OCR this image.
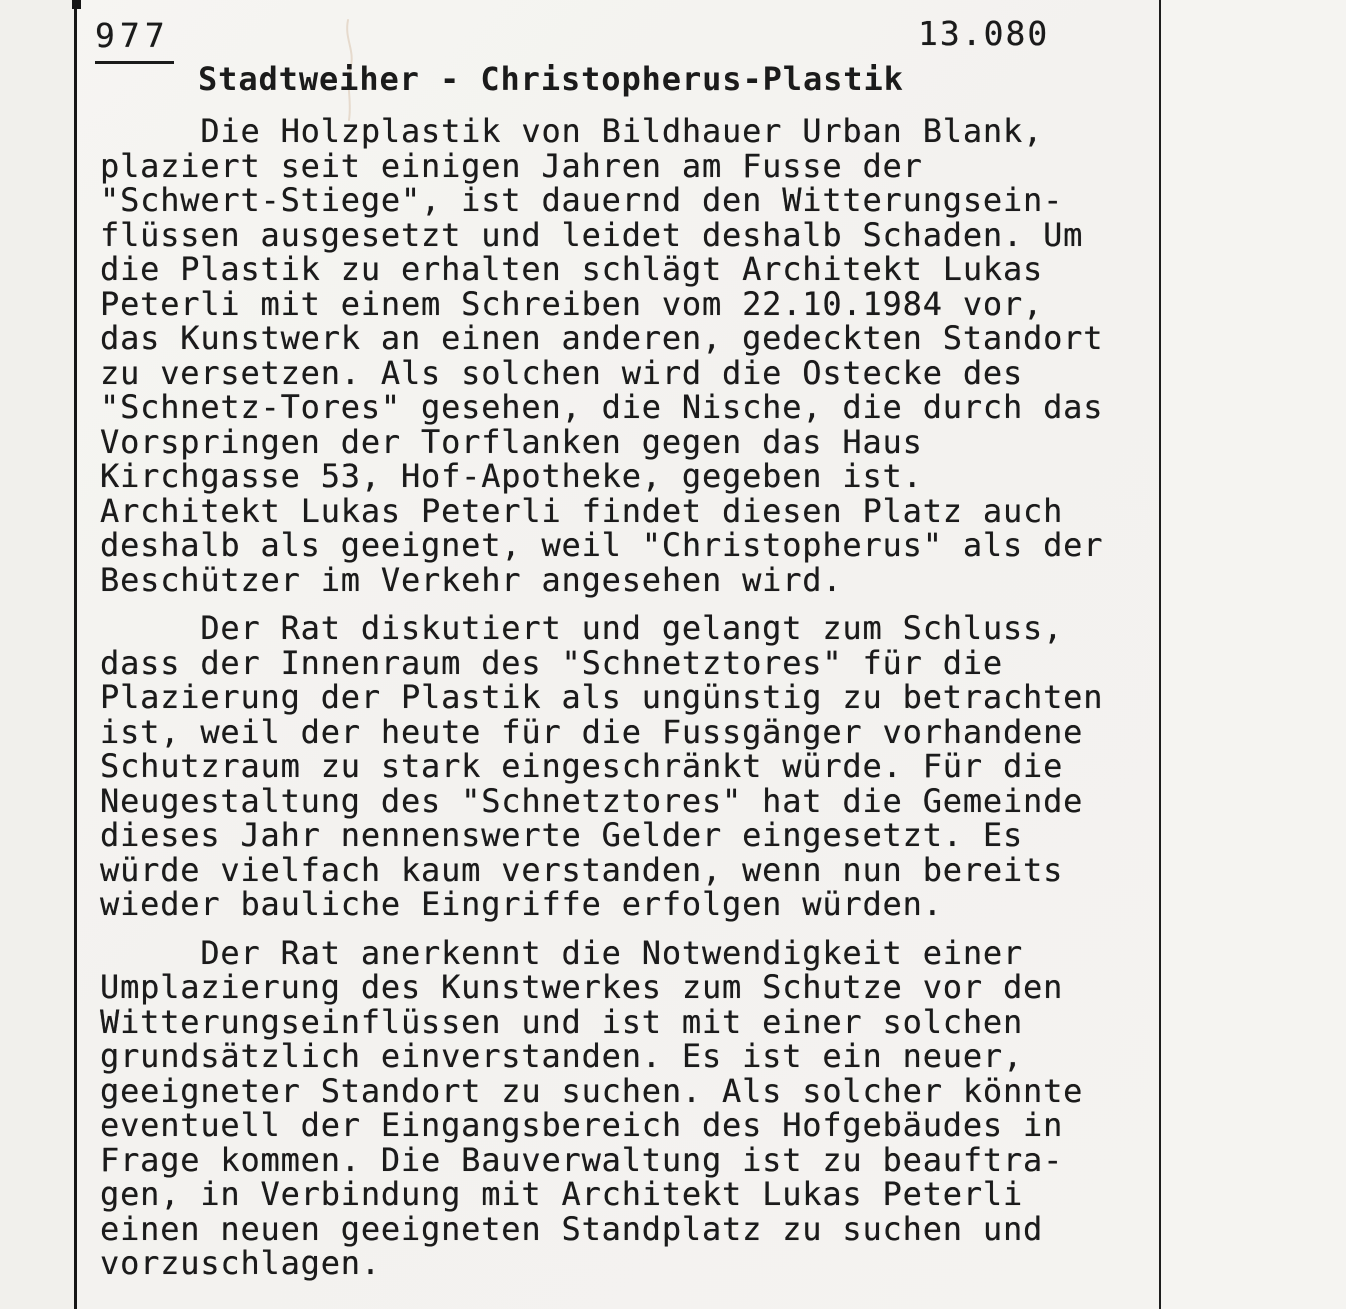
977	13.080
Stadtweiher - Christopherus-Plastik
Die Holzplastik von Bildhauer Urban Blank,
plaziert seit einigen Jahren am Fusse der
"Schwert-Stiege", ist dauernd den Witterungsein-
flüssen ausgesetzt und leidet deshalb Schaden. Um
die Plastik zu erhalten schlägt Architekt Lukas
Peterli mit einem Schreiben vom 22.10.1984 vor,
das Kunstwerk an einen anderen, gedeckten Standort
zu versetzen. Als solchen wird die Ostecke des
"Schnetz-Tores" gesehen, die Nische, die durch das
Vorspringen der Torflanken gegen das Haus
Kirchgasse 53, Hof-Apotheke, gegeben ist.
Architekt Lukas Peterli findet diesen Platz auch
deshalb als geeignet, weil "Christopherus" als der
Beschützer im Verkehr angesehen wird.
Der Rat diskutiert und gelangt zum Schluss,
dass der Innenraum des "Schnetztores" für die
Plazierung der Plastik als ungünstig zu betrachten
ist, weil der heute für die Fussgänger vorhandene
Schutzraum zu stark eingeschränkt würde. Für die
Neugestaltung des "Schnetztores" hat die Gemeinde
dieses Jahr nennenswerte Gelder eingesetzt. Es
würde vielfach kaum verstanden, wenn nun bereits
wieder bauliche Eingriffe erfolgen würden.
Der Rat anerkennt die Notwendigkeit einer
Umplazierung des Kunstwerkes zum Schutze vor den
Witterungseinflüssen und ist mit einer solchen
grundsätzlich einverstanden. Es ist ein neuer,
geeigneter Standort zu suchen. Als solcher könnte
eventuell der Eingangsbereich des Hofgebäudes in
Frage kommen. Die Bauverwaltung ist zu beauftra-
gen, in Verbindung mit Architekt Lukas Peterli
einen neuen geeigneten Standplatz zu suchen und
vorzuschlagen.
